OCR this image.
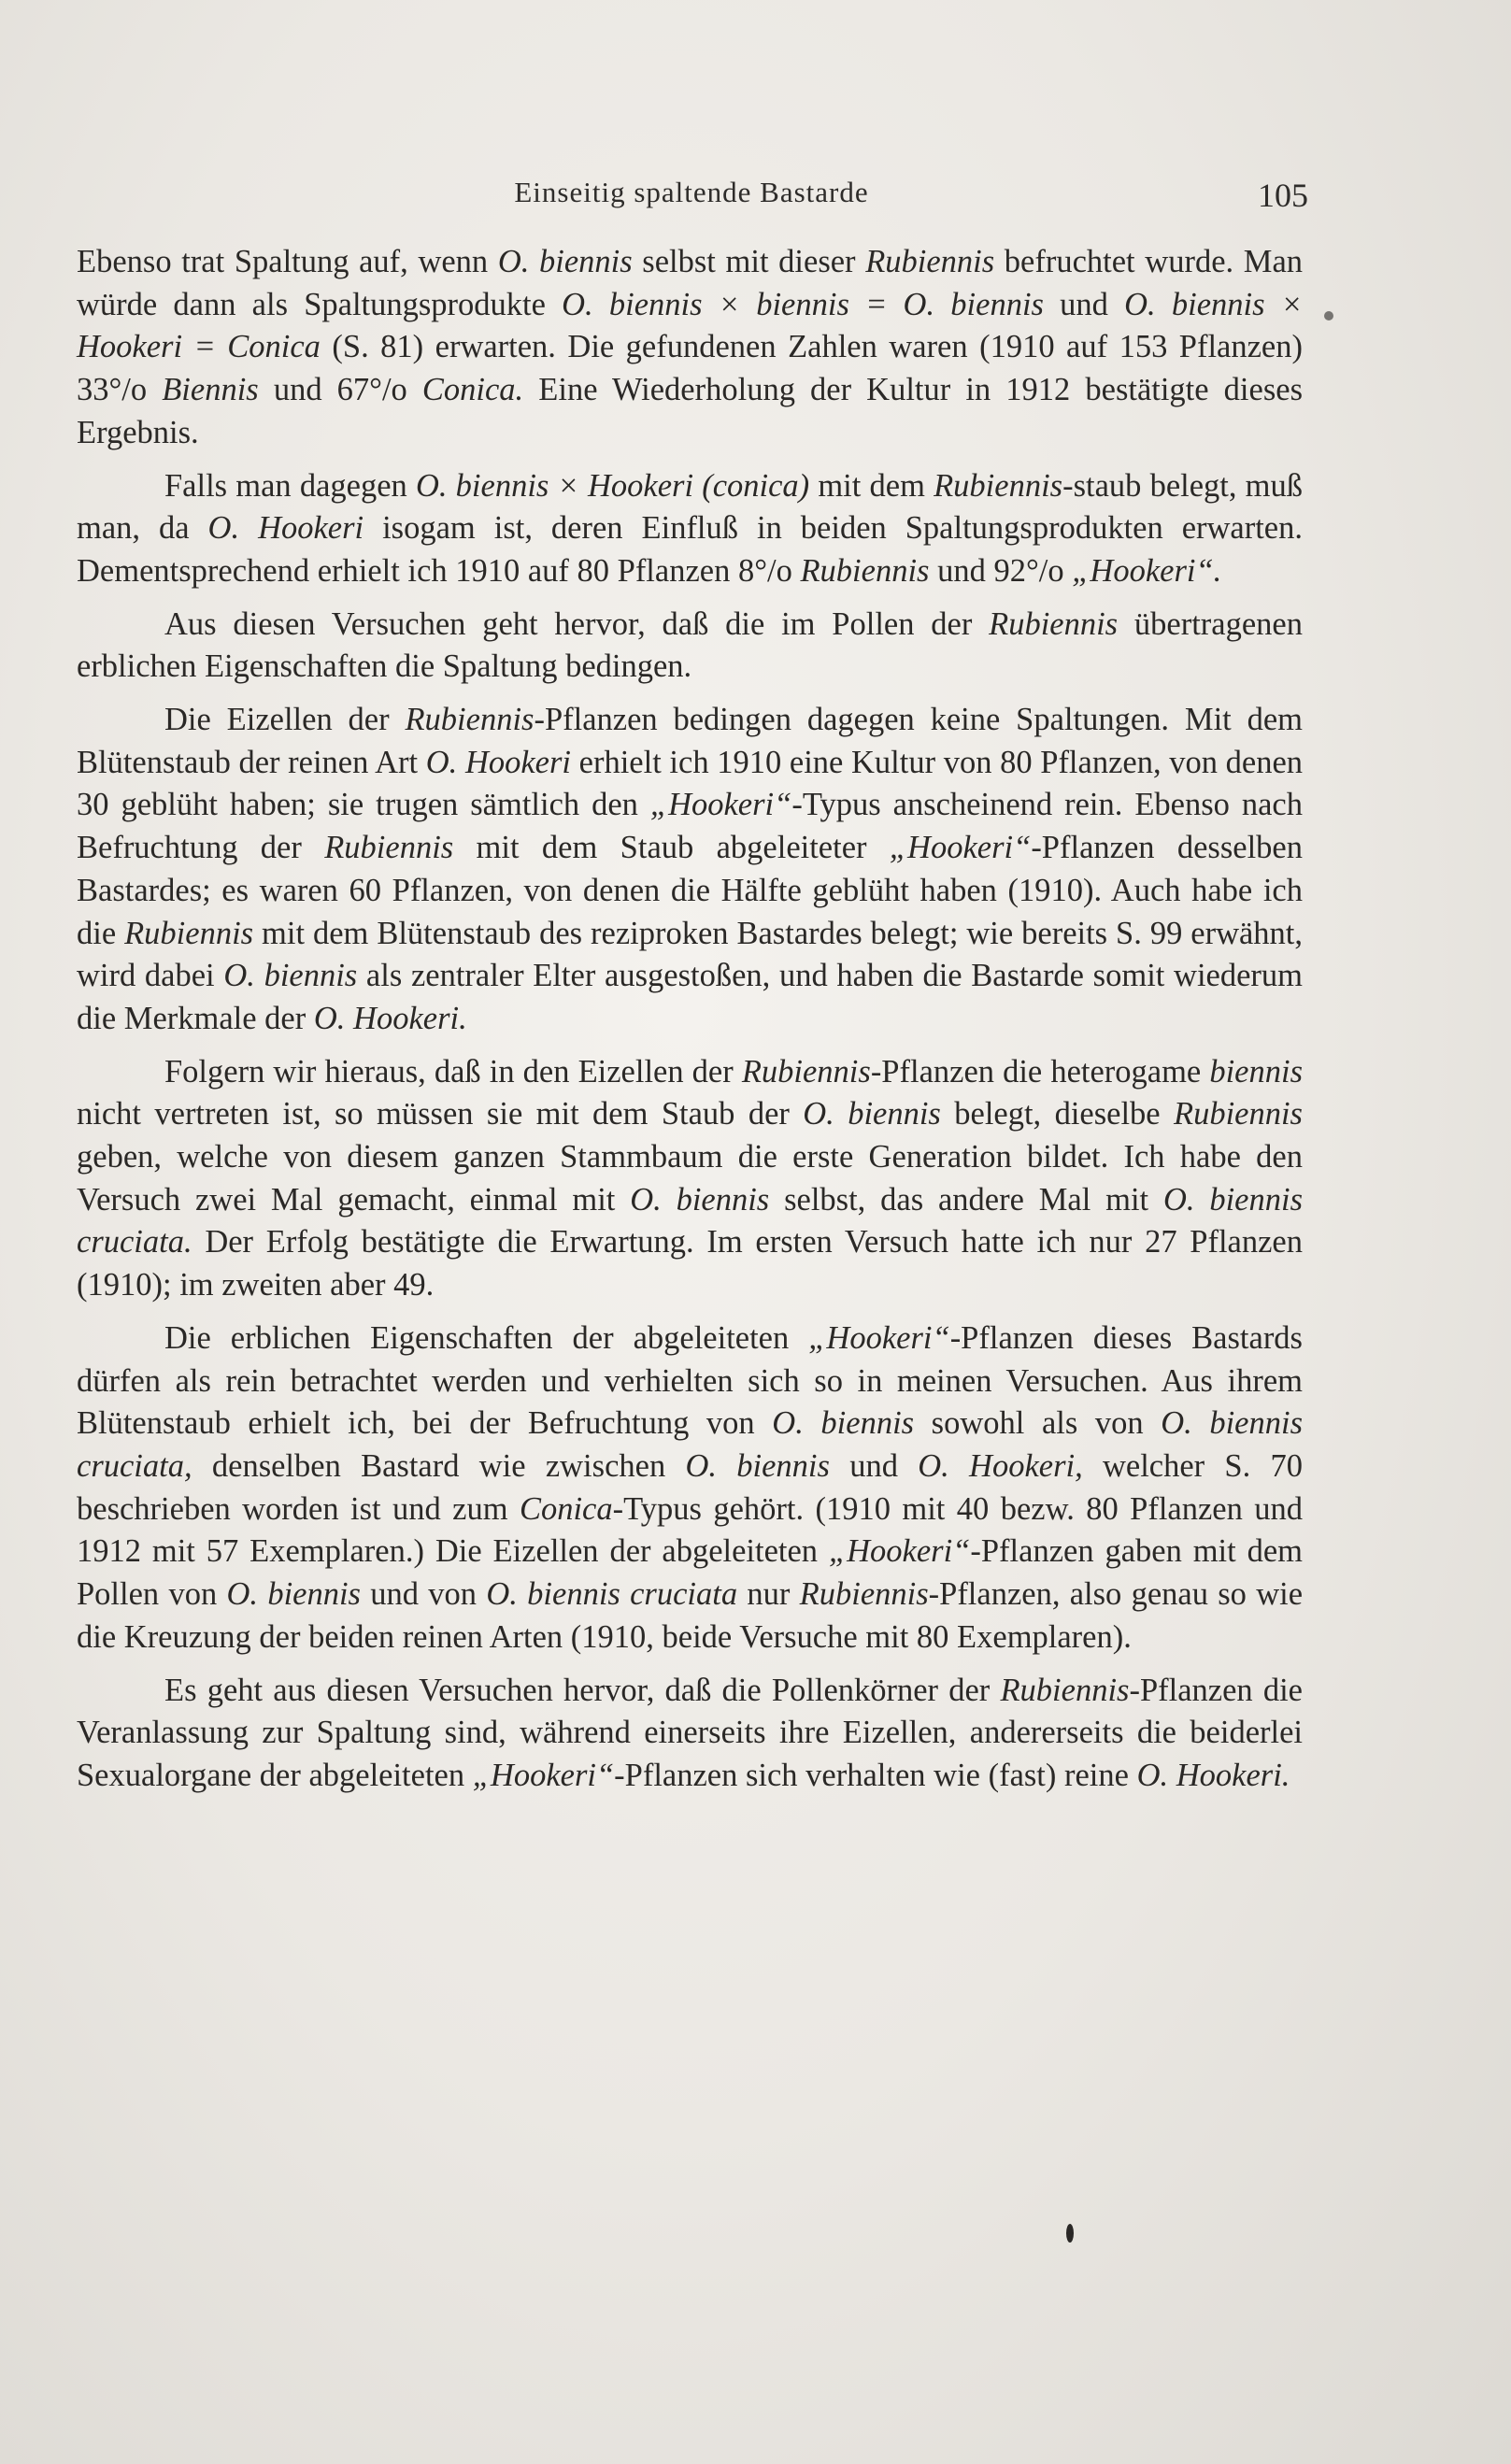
Einseitig spaltende Bastarde	105

Ebenso trat Spaltung auf, wenn O. biennis selbst mit dieser Rubiennis befruchtet wurde. Man würde dann als Spaltungsprodukte O. biennis × biennis = O. biennis und O. biennis × Hookeri = Conica (S. 81) erwarten. Die gefundenen Zahlen waren (1910 auf 153 Pflanzen) 33°/o Biennis und 67°/o Conica. Eine Wiederholung der Kultur in 1912 bestätigte dieses Ergebnis.

Falls man dagegen O. biennis × Hookeri (conica) mit dem Rubiennis-staub belegt, muß man, da O. Hookeri isogam ist, deren Einfluß in beiden Spaltungsprodukten erwarten. Dementsprechend erhielt ich 1910 auf 80 Pflanzen 8°/o Rubiennis und 92°/o „Hookeri“.

Aus diesen Versuchen geht hervor, daß die im Pollen der Rubiennis übertragenen erblichen Eigenschaften die Spaltung bedingen.

Die Eizellen der Rubiennis-Pflanzen bedingen dagegen keine Spaltungen. Mit dem Blütenstaub der reinen Art O. Hookeri erhielt ich 1910 eine Kultur von 80 Pflanzen, von denen 30 geblüht haben; sie trugen sämtlich den „Hookeri“-Typus anscheinend rein. Ebenso nach Befruchtung der Rubiennis mit dem Staub abgeleiteter „Hookeri“-Pflanzen desselben Bastardes; es waren 60 Pflanzen, von denen die Hälfte geblüht haben (1910). Auch habe ich die Rubiennis mit dem Blütenstaub des reziproken Bastardes belegt; wie bereits S. 99 erwähnt, wird dabei O. biennis als zentraler Elter ausgestoßen, und haben die Bastarde somit wiederum die Merkmale der O. Hookeri.

Folgern wir hieraus, daß in den Eizellen der Rubiennis-Pflanzen die heterogame biennis nicht vertreten ist, so müssen sie mit dem Staub der O. biennis belegt, dieselbe Rubiennis geben, welche von diesem ganzen Stammbaum die erste Generation bildet. Ich habe den Versuch zwei Mal gemacht, einmal mit O. biennis selbst, das andere Mal mit O. biennis cruciata. Der Erfolg bestätigte die Erwartung. Im ersten Versuch hatte ich nur 27 Pflanzen (1910); im zweiten aber 49.

Die erblichen Eigenschaften der abgeleiteten „Hookeri“-Pflanzen dieses Bastards dürfen als rein betrachtet werden und verhielten sich so in meinen Versuchen. Aus ihrem Blütenstaub erhielt ich, bei der Befruchtung von O. biennis sowohl als von O. biennis cruciata, denselben Bastard wie zwischen O. biennis und O. Hookeri, welcher S. 70 beschrieben worden ist und zum Conica-Typus gehört. (1910 mit 40 bezw. 80 Pflanzen und 1912 mit 57 Exemplaren.) Die Eizellen der abgeleiteten „Hookeri“-Pflanzen gaben mit dem Pollen von O. biennis und von O. biennis cruciata nur Rubiennis-Pflanzen, also genau so wie die Kreuzung der beiden reinen Arten (1910, beide Versuche mit 80 Exemplaren).

Es geht aus diesen Versuchen hervor, daß die Pollenkörner der Rubiennis-Pflanzen die Veranlassung zur Spaltung sind, während einerseits ihre Eizellen, andererseits die beiderlei Sexualorgane der abgeleiteten „Hookeri“-Pflanzen sich verhalten wie (fast) reine O. Hookeri.
